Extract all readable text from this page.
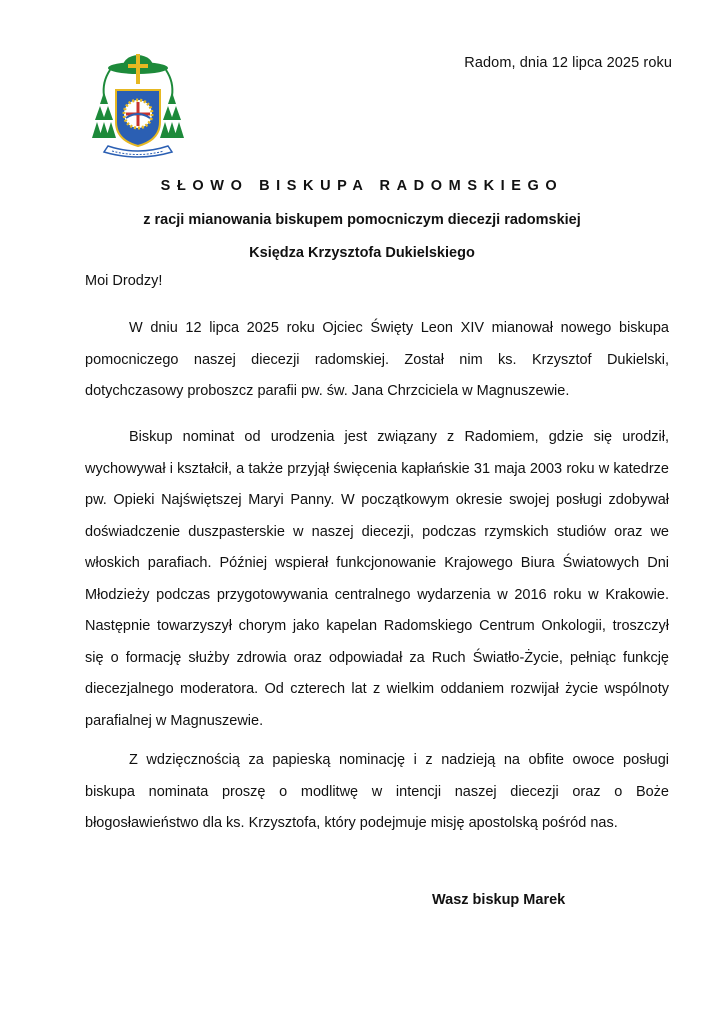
Radom, dnia 12 lipca 2025 roku
SŁOWO BISKUPA RADOMSKIEGO
z racji mianowania biskupem pomocniczym diecezji radomskiej
Księdza Krzysztofa Dukielskiego
Moi Drodzy!

W dniu 12 lipca 2025 roku Ojciec Święty Leon XIV mianował nowego biskupa pomocniczego naszej diecezji radomskiej. Został nim ks. Krzysztof Dukielski, dotychczasowy proboszcz parafii pw. św. Jana Chrzciciela w Magnuszewie.

Biskup nominat od urodzenia jest związany z Radomiem, gdzie się urodził, wychowywał i kształcił, a także przyjął święcenia kapłańskie 31 maja 2003 roku w katedrze pw. Opieki Najświętszej Maryi Panny. W początkowym okresie swojej posługi zdobywał doświadczenie duszpasterskie w naszej diecezji, podczas rzymskich studiów oraz we włoskich parafiach. Później wspierał funkcjonowanie Krajowego Biura Światowych Dni Młodzieży podczas przygotowywania centralnego wydarzenia w 2016 roku w Krakowie. Następnie towarzyszył chorym jako kapelan Radomskiego Centrum Onkologii, troszczył się o formację służby zdrowia oraz odpowiadał za Ruch Światło-Życie, pełniąc funkcję diecezjalnego moderatora. Od czterech lat z wielkim oddaniem rozwijał życie wspólnoty parafialnej w Magnuszewie.

Z wdzięcznością za papieską nominację i z nadzieją na obfite owoce posługi biskupa nominata proszę o modlitwę w intencji naszej diecezji oraz o Boże błogosławieństwo dla ks. Krzysztofa, który podejmuje misję apostolską pośród nas.

Wasz biskup Marek
